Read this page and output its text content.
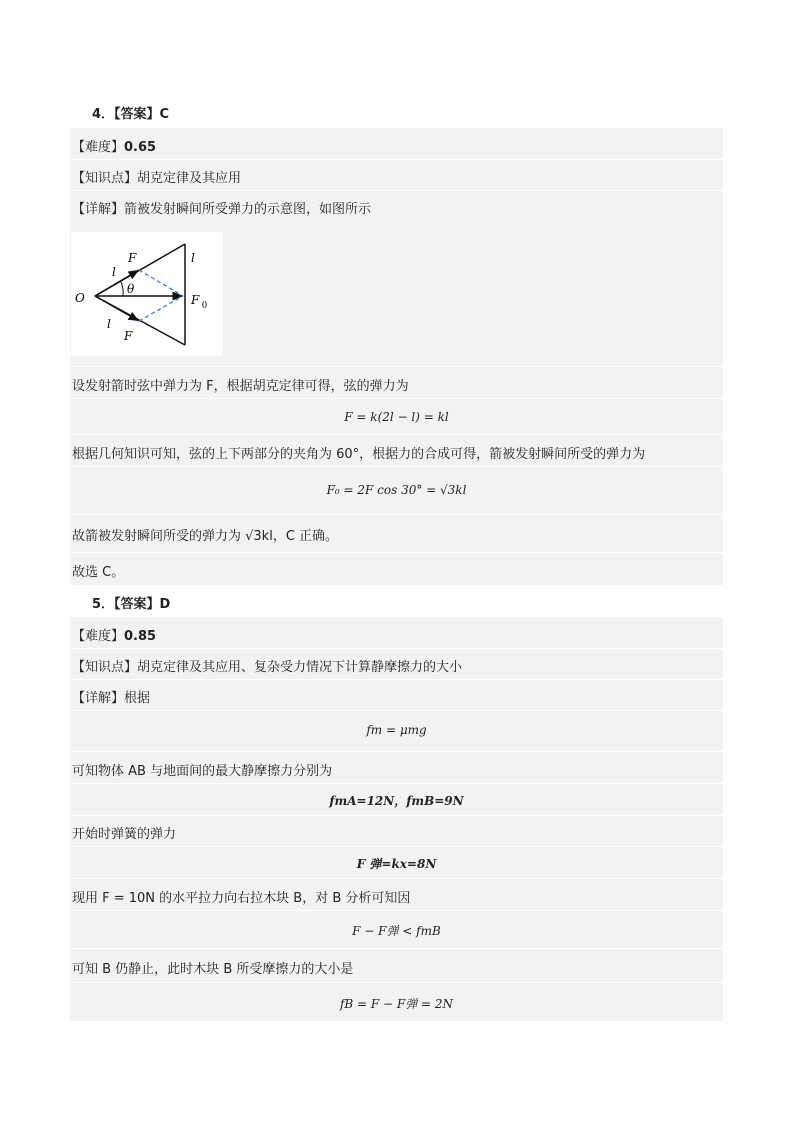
4．【答案】C
【难度】0.65
【知识点】胡克定律及其应用
【详解】箭被发射瞬间所受弹力的示意图，如图所示
O
l
l
l
F
F
θ
F 0
设发射箭时弦中弹力为 F，根据胡克定律可得，弦的弹力为
F = k(2l − l) = kl
根据几何知识可知，弦的上下两部分的夹角为 60°，根据力的合成可得，箭被发射瞬间所受的弹力为
F₀ = 2F cos 30° = √3kl
故箭被发射瞬间所受的弹力为 √3kl，C 正确。
故选 C。
5．【答案】D
【难度】0.85
【知识点】胡克定律及其应用、复杂受力情况下计算静摩擦力的大小
【详解】根据
fm = μmg
可知物体 AB 与地面间的最大静摩擦力分别为
fmA=12N，fmB=9N
开始时弹簧的弹力
F 弹=kx=8N
现用 F = 10N 的水平拉力向右拉木块 B，对 B 分析可知因
F − F弹 < fmB
可知 B 仍静止，此时木块 B 所受摩擦力的大小是
fB = F − F弹 = 2N
